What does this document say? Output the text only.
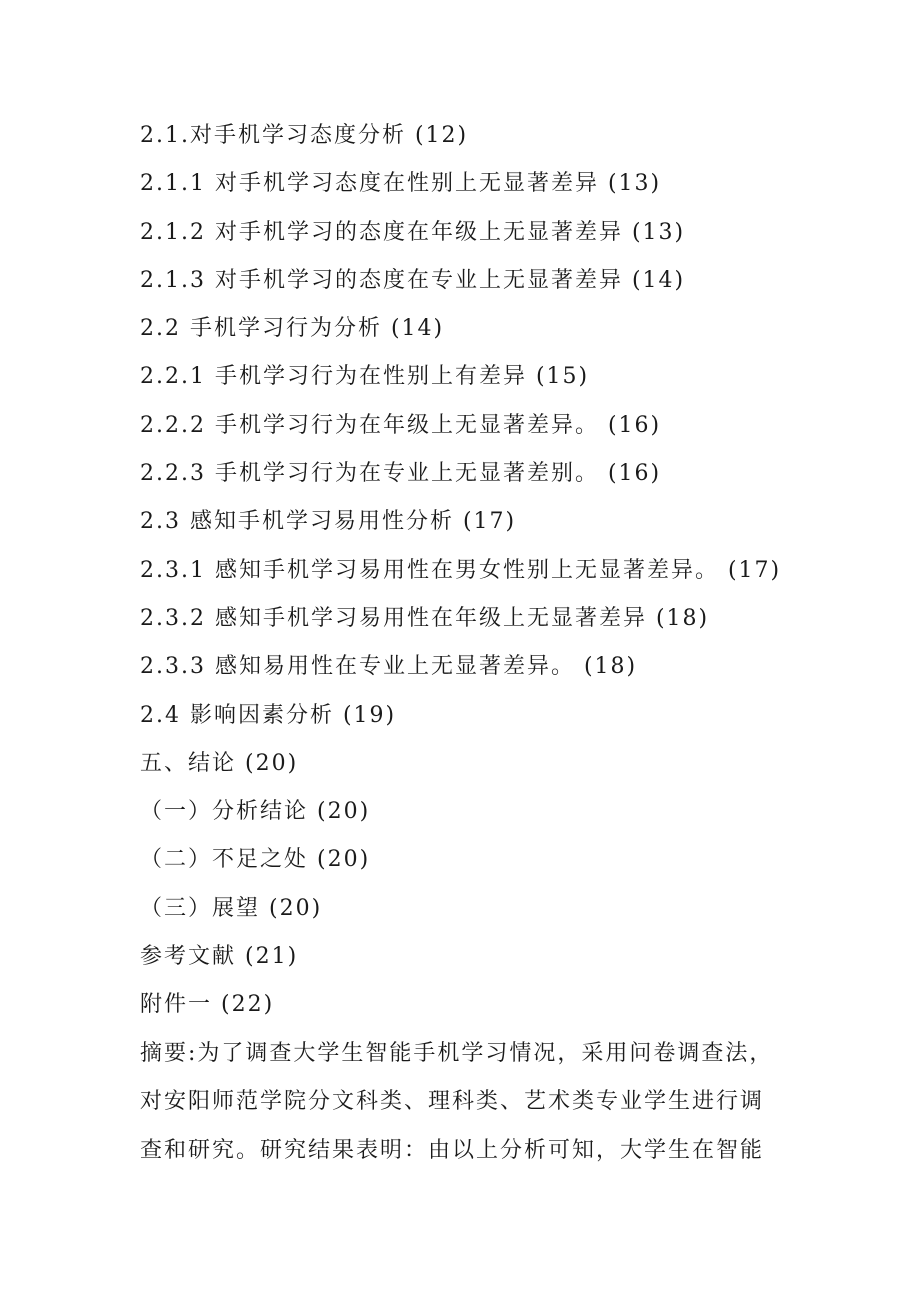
2.1.对手机学习态度分析 (12)
2.1.1 对手机学习态度在性别上无显著差异 (13)
2.1.2 对手机学习的态度在年级上无显著差异 (13)
2.1.3 对手机学习的态度在专业上无显著差异 (14)
2.2 手机学习行为分析 (14)
2.2.1 手机学习行为在性别上有差异 (15)
2.2.2 手机学习行为在年级上无显著差异。 (16)
2.2.3 手机学习行为在专业上无显著差别。 (16)
2.3 感知手机学习易用性分析 (17)
2.3.1 感知手机学习易用性在男女性别上无显著差异。 (17)
2.3.2 感知手机学习易用性在年级上无显著差异 (18)
2.3.3 感知易用性在专业上无显著差异。 (18)
2.4 影响因素分析 (19)
五、结论 (20)
（一）分析结论 (20)
（二）不足之处 (20)
（三）展望 (20)
参考文献 (21)
附件一 (22)
摘要:为了调查大学生智能手机学习情况，采用问卷调查法，
对安阳师范学院分文科类、理科类、艺术类专业学生进行调
查和研究。研究结果表明：由以上分析可知，大学生在智能
